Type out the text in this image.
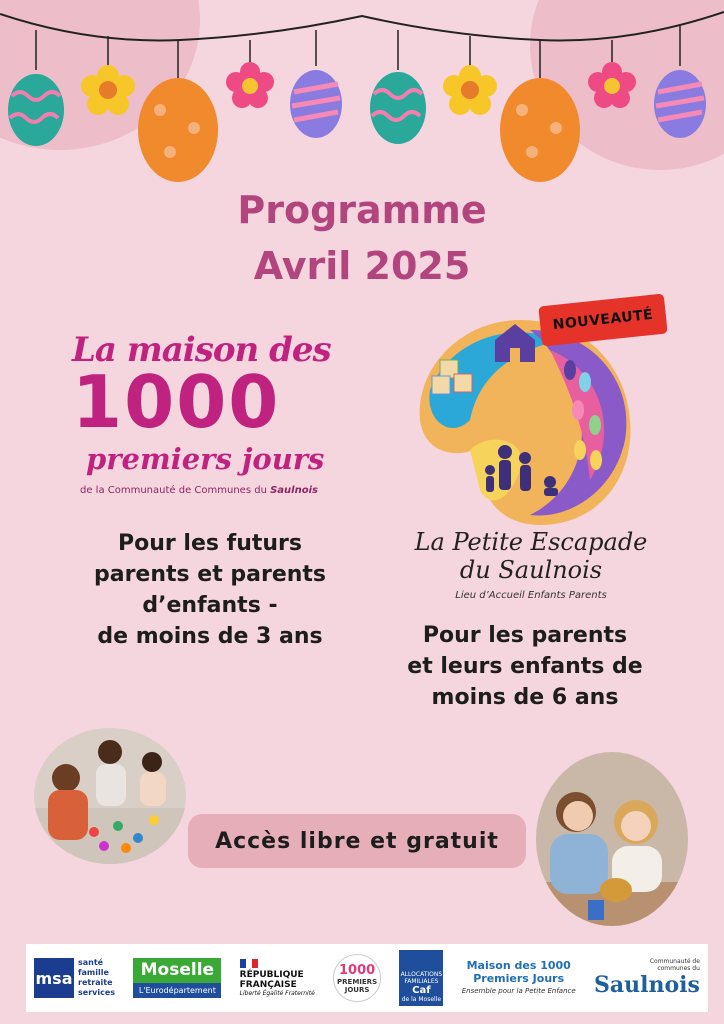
Programme
Avril 2025
La maison des
1000
premiers jours
de la Communauté de Communes du Saulnois
Pour les futurs
parents et parents
d’enfants -
de moins de 3 ans
NOUVEAUTÉ
La Petite Escapade
du Saulnois
Lieu d’Accueil Enfants Parents
Pour les parents
et leurs enfants de
moins de 6 ans
Accès libre et gratuit
msa
santé
famille
retraite
services
Moselle
L'Eurodépartement
RÉPUBLIQUE
FRANÇAISE
Liberté Égalité Fraternité
1000
PREMIERS
JOURS
ALLOCATIONS
FAMILIALES
Caf
de la Moselle
Maison des 1000
Premiers Jours
Ensemble pour la Petite Enfance
Communauté de
communes du
Saulnois
